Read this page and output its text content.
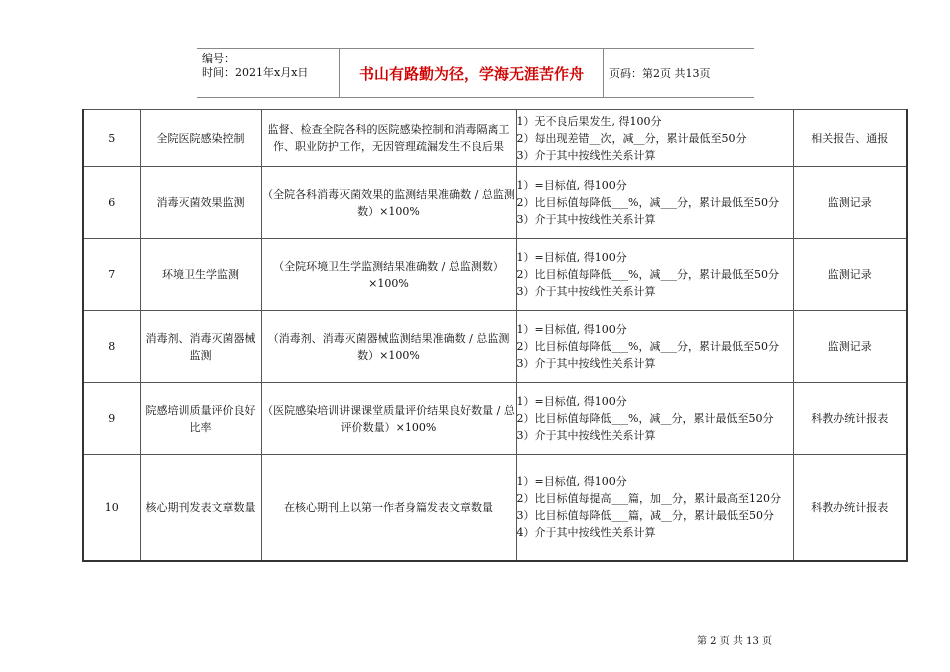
编号：
时间：2021年x月x日	书山有路勤为径，学海无涯苦作舟	页码：第2页 共13页
5	全院医院感染控制	监督、检查全院各科的医院感染控制和消毒隔离工作、职业防护工作，无因管理疏漏发生不良后果	1）无不良后果发生, 得100分
2）每出现差错__次，减__分，累计最低至50分
3）介于其中按线性关系计算	相关报告、通报
6	消毒灭菌效果监测	（全院各科消毒灭菌效果的监测结果准确数 / 总监测数）×100%	1）=目标值, 得100分
2）比目标值每降低___%，减___分，累计最低至50分
3）介于其中按线性关系计算	监测记录
7	环境卫生学监测	（全院环境卫生学监测结果准确数 / 总监测数）×100%	1）=目标值, 得100分
2）比目标值每降低___%，减___分，累计最低至50分
3）介于其中按线性关系计算	监测记录
8	消毒剂、消毒灭菌器械监测	（消毒剂、消毒灭菌器械监测结果准确数 / 总监测数）×100%	1）=目标值, 得100分
2）比目标值每降低___%，减___分，累计最低至50分
3）介于其中按线性关系计算	监测记录
9	院感培训质量评价良好比率	（医院感染培训讲课课堂质量评价结果良好数量 / 总评价数量）×100%	1）=目标值, 得100分
2）比目标值每降低___%，减__分，累计最低至50分
3）介于其中按线性关系计算	科教办统计报表
10	核心期刊发表文章数量	在核心期刊上以第一作者身篇发表文章数量	1）=目标值, 得100分
2）比目标值每提高___篇，加__分，累计最高至120分
3）比目标值每降低___篇，减__分，累计最低至50分
4）介于其中按线性关系计算	科教办统计报表
第 2 页 共 13 页
